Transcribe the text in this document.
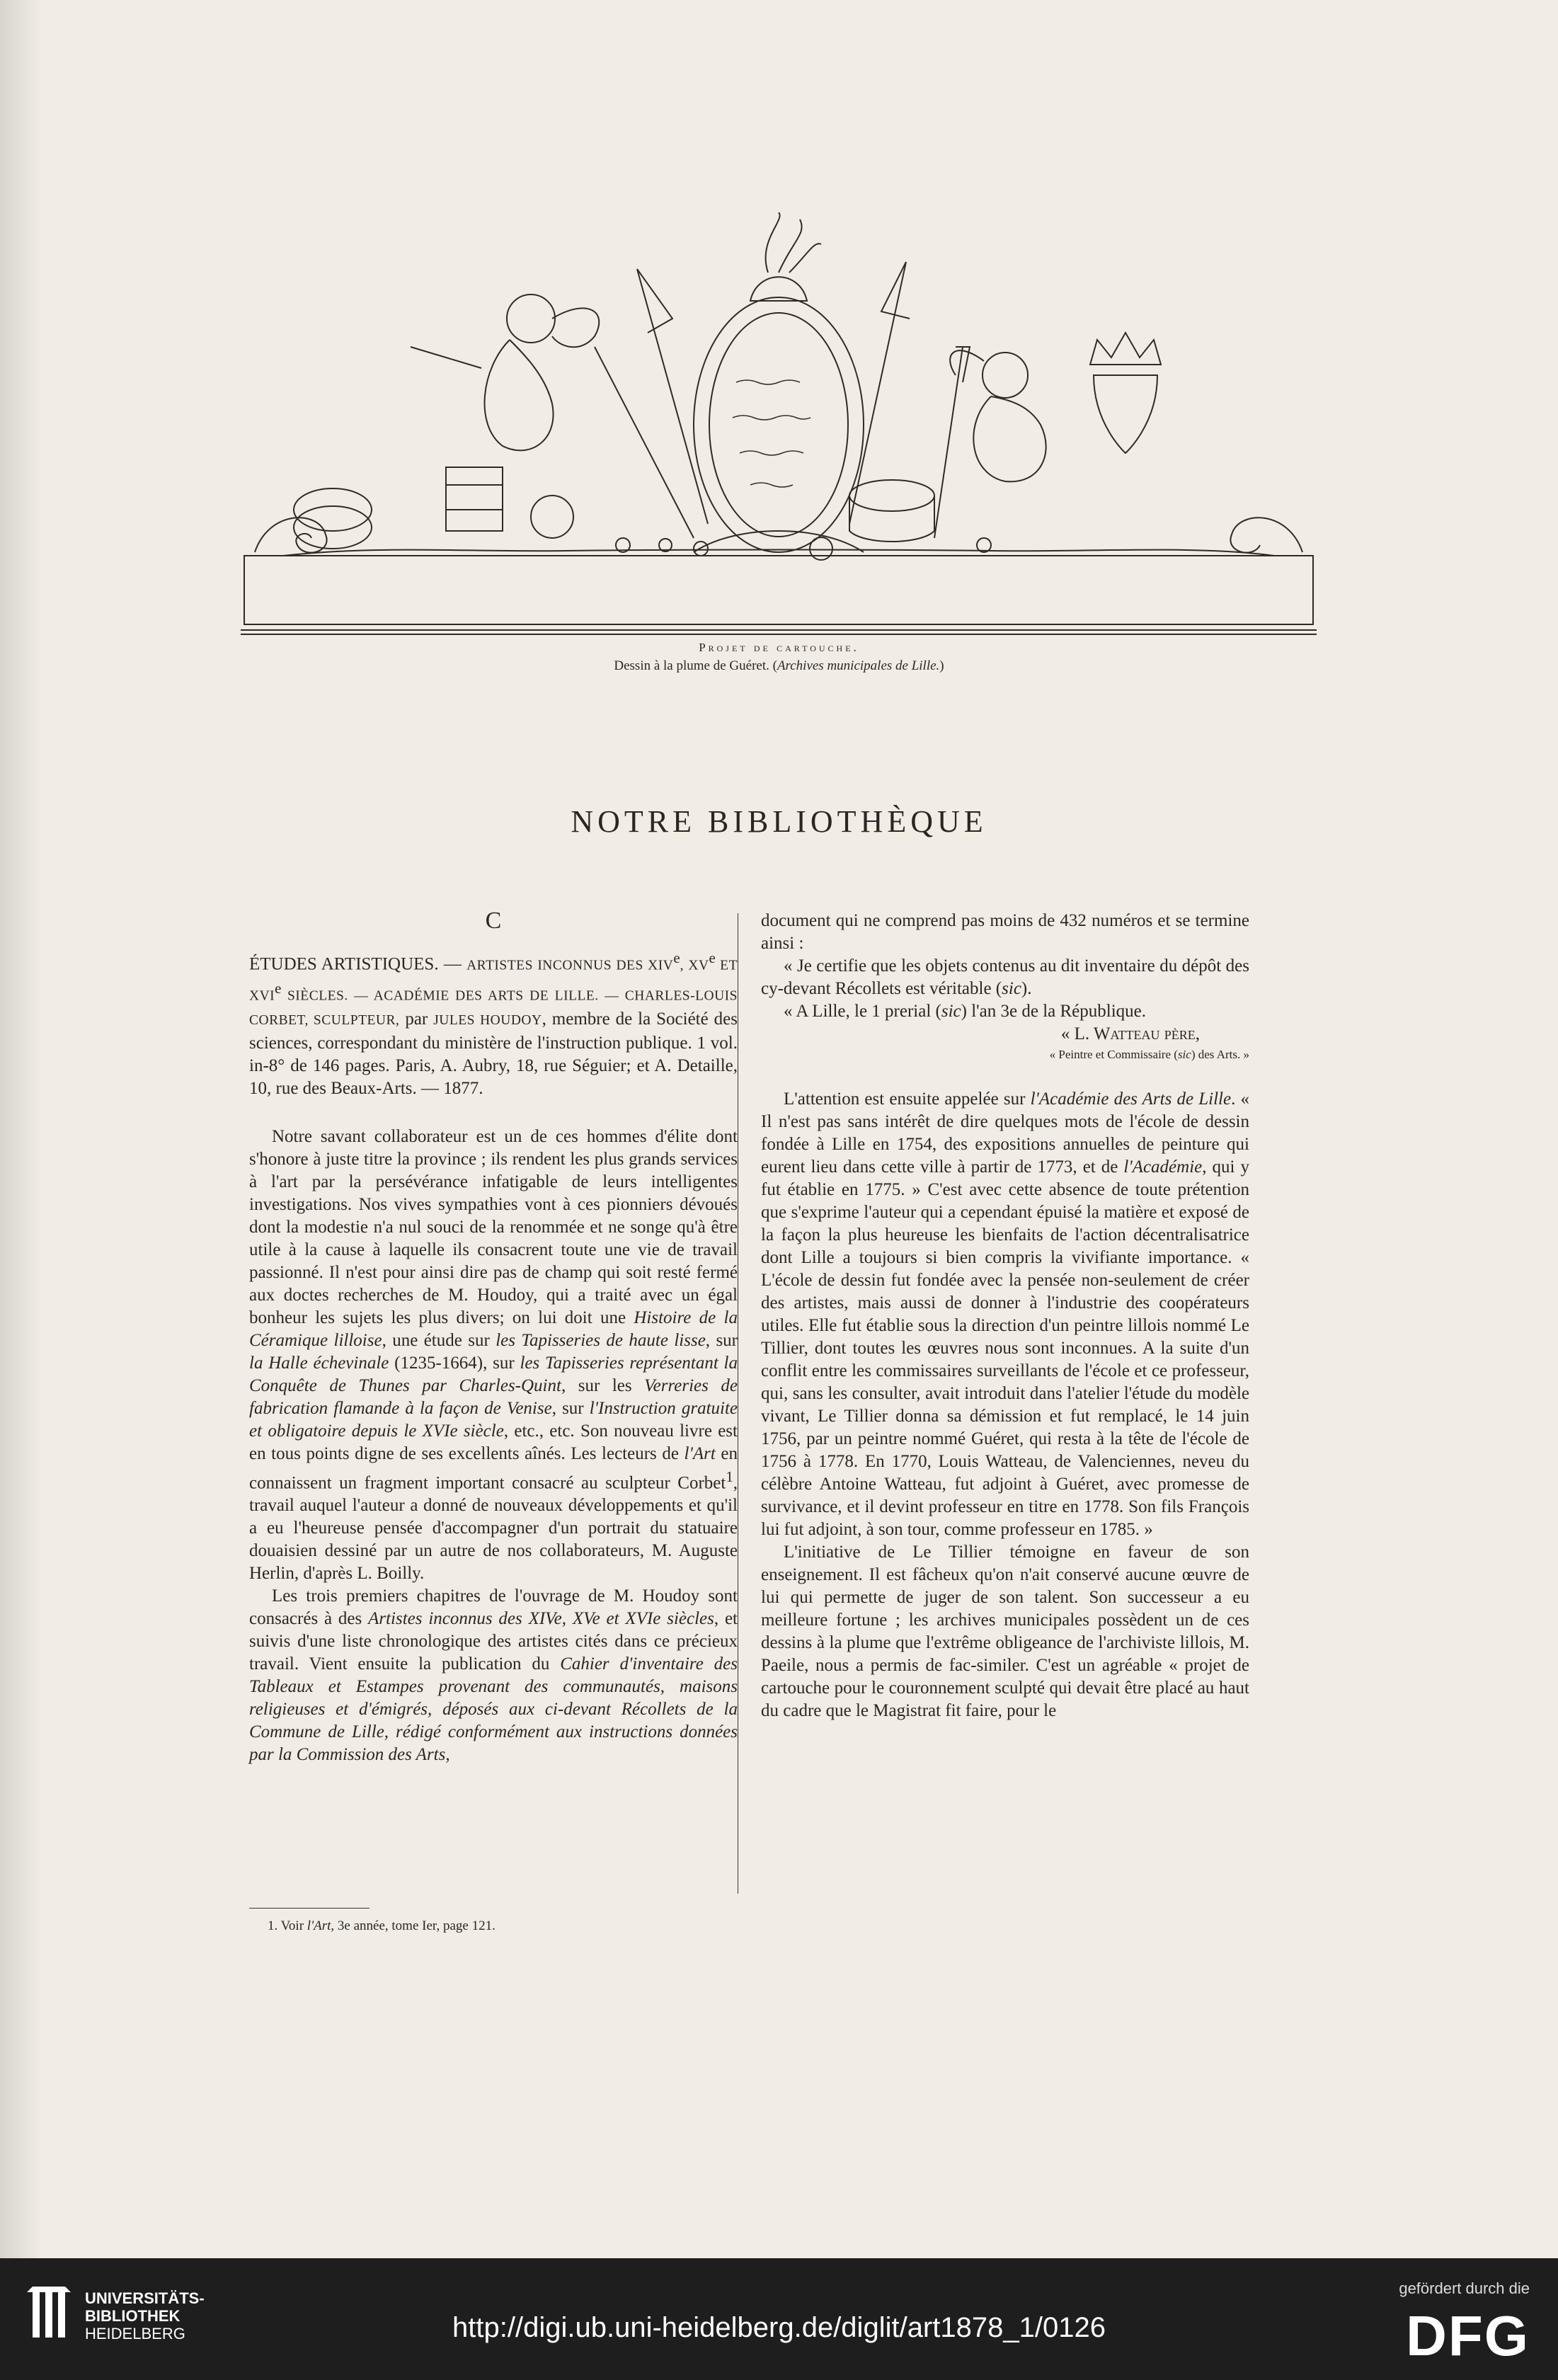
Projet de cartouche.
Dessin à la plume de Guéret. (Archives municipales de Lille.)
NOTRE BIBLIOTHÈQUE

C

ÉTUDES ARTISTIQUES. — ARTISTES INCONNUS DES XIVe, XVe ET XVIe SIÈCLES. — ACADÉMIE DES ARTS DE LILLE. — CHARLES-LOUIS CORBET, SCULPTEUR, par JULES HOUDOY, membre de la Société des sciences, correspondant du ministère de l'instruction publique. 1 vol. in-8° de 146 pages. Paris, A. Aubry, 18, rue Séguier; et A. Detaille, 10, rue des Beaux-Arts. — 1877.

Notre savant collaborateur est un de ces hommes d'élite dont s'honore à juste titre la province ; ils rendent les plus grands services à l'art par la persévérance infatigable de leurs intelligentes investigations. Nos vives sympathies vont à ces pionniers dévoués dont la modestie n'a nul souci de la renommée et ne songe qu'à être utile à la cause à laquelle ils consacrent toute une vie de travail passionné. Il n'est pour ainsi dire pas de champ qui soit resté fermé aux doctes recherches de M. Houdoy, qui a traité avec un égal bonheur les sujets les plus divers; on lui doit une Histoire de la Céramique lilloise, une étude sur les Tapisseries de haute lisse, sur la Halle échevinale (1235-1664), sur les Tapisseries représentant la Conquête de Thunes par Charles-Quint, sur les Verreries de fabrication flamande à la façon de Venise, sur l'Instruction gratuite et obligatoire depuis le XVIe siècle, etc., etc. Son nouveau livre est en tous points digne de ses excellents aînés. Les lecteurs de l'Art en connaissent un fragment important consacré au sculpteur Corbet$^1$, travail auquel l'auteur a donné de nouveaux développements et qu'il a eu l'heureuse pensée d'accompagner d'un portrait du statuaire douaisien dessiné par un autre de nos collaborateurs, M. Auguste Herlin, d'après L. Boilly.

Les trois premiers chapitres de l'ouvrage de M. Houdoy sont consacrés à des Artistes inconnus des XIVe, XVe et XVIe siècles, et suivis d'une liste chronologique des artistes cités dans ce précieux travail. Vient ensuite la publication du Cahier d'inventaire des Tableaux et Estampes provenant des communautés, maisons religieuses et d'émigrés, déposés aux ci-devant Récollets de la Commune de Lille, rédigé conformément aux instructions données par la Commission des Arts,

document qui ne comprend pas moins de 432 numéros et se termine ainsi :

« Je certifie que les objets contenus au dit inventaire du dépôt des cy-devant Récollets est véritable (sic).

« A Lille, le 1 prerial (sic) l'an 3e de la République.

« L. Watteau père,

« Peintre et Commissaire (sic) des Arts. »

L'attention est ensuite appelée sur l'Académie des Arts de Lille. « Il n'est pas sans intérêt de dire quelques mots de l'école de dessin fondée à Lille en 1754, des expositions annuelles de peinture qui eurent lieu dans cette ville à partir de 1773, et de l'Académie, qui y fut établie en 1775. » C'est avec cette absence de toute prétention que s'exprime l'auteur qui a cependant épuisé la matière et exposé de la façon la plus heureuse les bienfaits de l'action décentralisatrice dont Lille a toujours si bien compris la vivifiante importance. « L'école de dessin fut fondée avec la pensée non-seulement de créer des artistes, mais aussi de donner à l'industrie des coopérateurs utiles. Elle fut établie sous la direction d'un peintre lillois nommé Le Tillier, dont toutes les œuvres nous sont inconnues. A la suite d'un conflit entre les commissaires surveillants de l'école et ce professeur, qui, sans les consulter, avait introduit dans l'atelier l'étude du modèle vivant, Le Tillier donna sa démission et fut remplacé, le 14 juin 1756, par un peintre nommé Guéret, qui resta à la tête de l'école de 1756 à 1778. En 1770, Louis Watteau, de Valenciennes, neveu du célèbre Antoine Watteau, fut adjoint à Guéret, avec promesse de survivance, et il devint professeur en titre en 1778. Son fils François lui fut adjoint, à son tour, comme professeur en 1785. »

L'initiative de Le Tillier témoigne en faveur de son enseignement. Il est fâcheux qu'on n'ait conservé aucune œuvre de lui qui permette de juger de son talent. Son successeur a eu meilleure fortune ; les archives municipales possèdent un de ces dessins à la plume que l'extrême obligeance de l'archiviste lillois, M. Paeile, nous a permis de fac-similer. C'est un agréable « projet de cartouche pour le couronnement sculpté qui devait être placé au haut du cadre que le Magistrat fit faire, pour le

1. Voir l'Art, 3e année, tome Ier, page 121.
UNIVERSITÄTS-
BIBLIOTHEK
HEIDELBERG	http://digi.ub.uni-heidelberg.de/diglit/art1878_1/0126
gefördert durch die
DFG
